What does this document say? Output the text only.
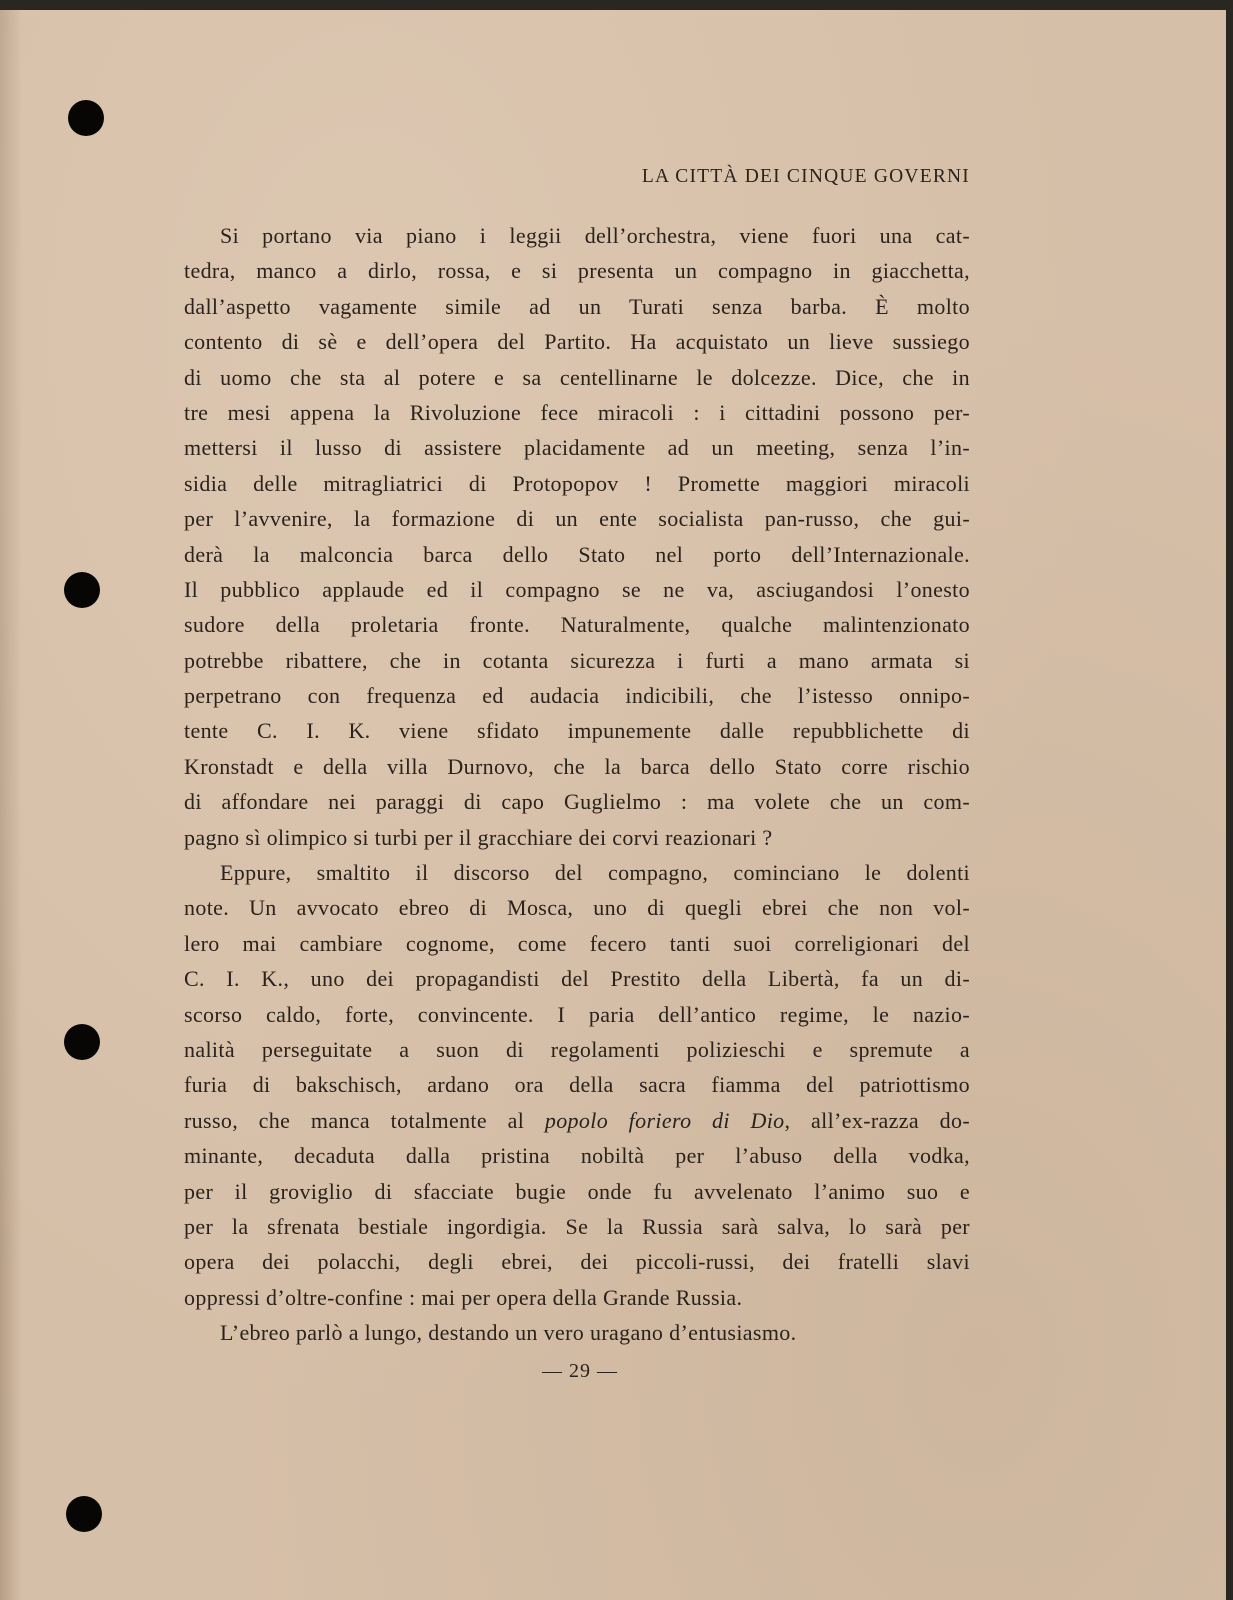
LA CITTÀ DEI CINQUE GOVERNI
Si portano via piano i leggii dell’orchestra, viene fuori una cat-
tedra, manco a dirlo, rossa, e si presenta un compagno in giacchetta,
dall’aspetto vagamente simile ad un Turati senza barba. È molto
contento di sè e dell’opera del Partito. Ha acquistato un lieve sussiego
di uomo che sta al potere e sa centellinarne le dolcezze. Dice, che in
tre mesi appena la Rivoluzione fece miracoli : i cittadini possono per-
mettersi il lusso di assistere placidamente ad un meeting, senza l’in-
sidia delle mitragliatrici di Protopopov ! Promette maggiori miracoli
per l’avvenire, la formazione di un ente socialista pan-russo, che gui-
derà la malconcia barca dello Stato nel porto dell’Internazionale.
Il pubblico applaude ed il compagno se ne va, asciugandosi l’onesto
sudore della proletaria fronte. Naturalmente, qualche malintenzionato
potrebbe ribattere, che in cotanta sicurezza i furti a mano armata si
perpetrano con frequenza ed audacia indicibili, che l’istesso onnipo-
tente C. I. K. viene sfidato impunemente dalle repubblichette di
Kronstadt e della villa Durnovo, che la barca dello Stato corre rischio
di affondare nei paraggi di capo Guglielmo : ma volete che un com-
pagno sì olimpico si turbi per il gracchiare dei corvi reazionari ?
Eppure, smaltito il discorso del compagno, cominciano le dolenti
note. Un avvocato ebreo di Mosca, uno di quegli ebrei che non vol-
lero mai cambiare cognome, come fecero tanti suoi correligionari del
C. I. K., uno dei propagandisti del Prestito della Libertà, fa un di-
scorso caldo, forte, convincente. I paria dell’antico regime, le nazio-
nalità perseguitate a suon di regolamenti polizieschi e spremute a
furia di bakschisch, ardano ora della sacra fiamma del patriottismo
russo, che manca totalmente al popolo foriero di Dio, all’ex-razza do-
minante, decaduta dalla pristina nobiltà per l’abuso della vodka,
per il groviglio di sfacciate bugie onde fu avvelenato l’animo suo e
per la sfrenata bestiale ingordigia. Se la Russia sarà salva, lo sarà per
opera dei polacchi, degli ebrei, dei piccoli-russi, dei fratelli slavi
oppressi d’oltre-confine : mai per opera della Grande Russia.
L’ebreo parlò a lungo, destando un vero uragano d’entusiasmo.
— 29 —
